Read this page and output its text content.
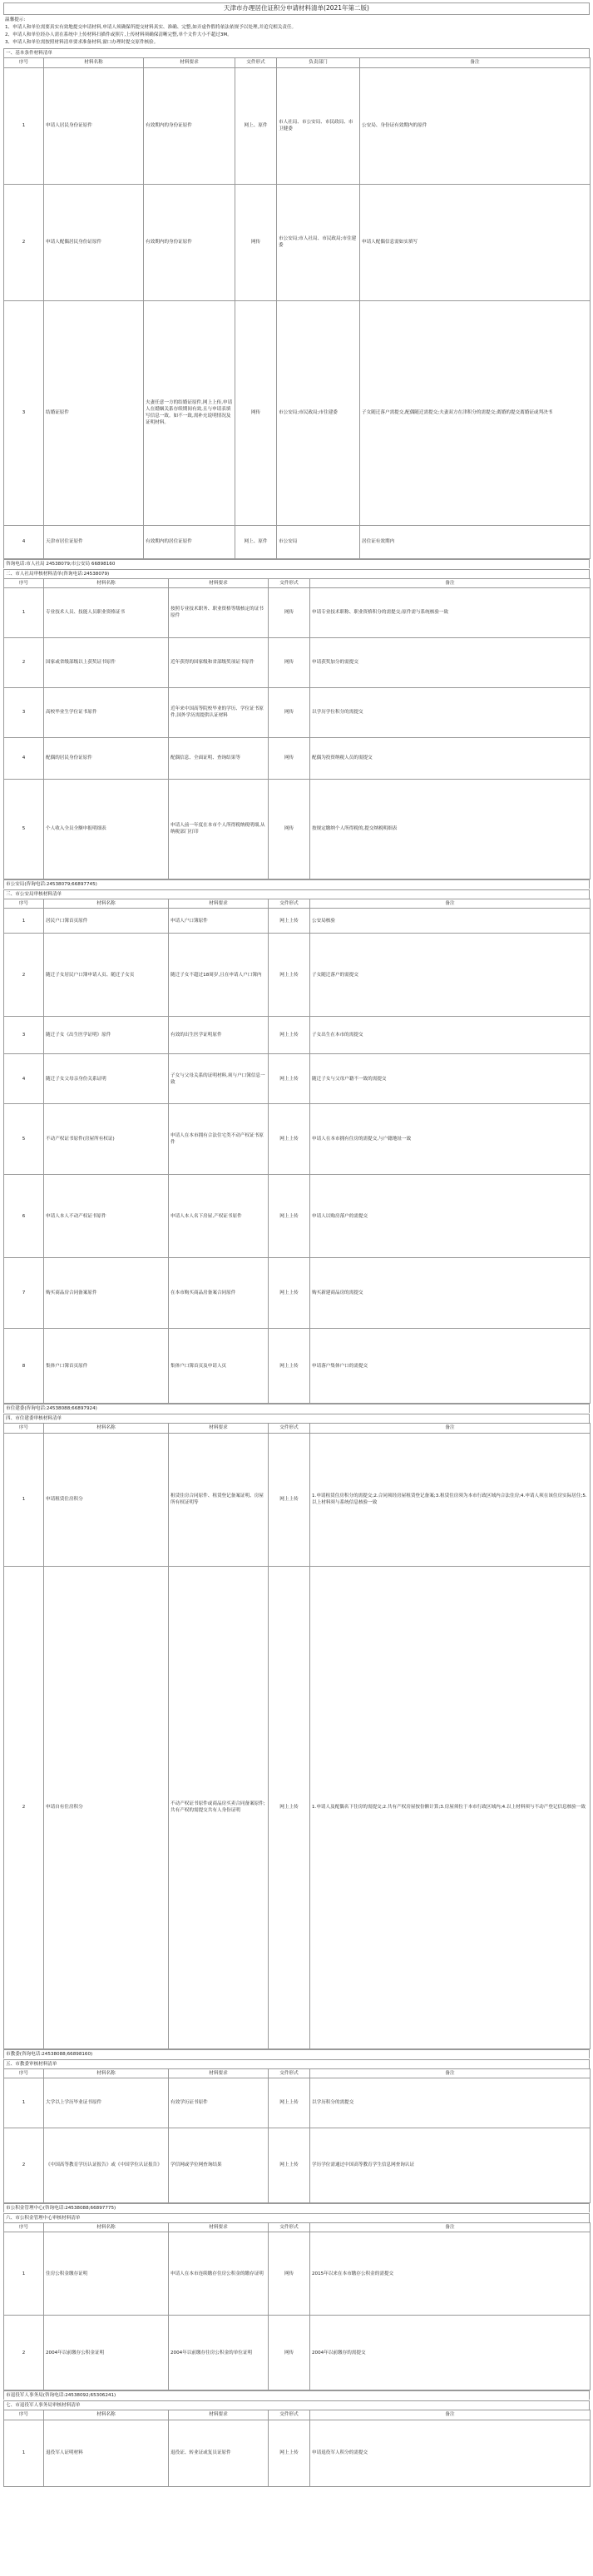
天津市办理居住证积分申请材料清单(2021年第二版)

温馨提示:

1、申请人和单位需要真实有效地提交申请材料,申请人须确保所提交材料真实、准确、完整,如弄虚作假将依法依规予以处理,并追究相关责任。

2、申请人和单位经办人需在系统中上传材料扫描件或照片,上传材料须确保清晰完整,单个文件大小不超过3M。

3、申请人和单位需按照材料清单要求准备材料,窗口办理时提交原件核验。

一、基本条件材料清单
序号	材料名称	材料要求	交件形式	负责部门	备注
1	申请人居民身份证原件	有效期内的身份证原件	网上、原件	市人社局、市公安局、市民政局、市卫健委	公安局、身份证有效期内的原件
2	申请人配偶居民身份证原件	有效期内的身份证原件	网传	市公安局;市人社局、市民政局;市住建委	申请人配偶信息需如实填写
3	结婚证原件	夫妻任意一方的结婚证原件,网上上传,申请人在婚姻关系存续期间有效,且与申请表填写信息一致。如不一致,需补充说明情况及证明材料。	网传	市公安局;市民政局;市住建委	子女随迁落户需提交,配偶随迁需提交;夫妻双方在津积分的需提交;离婚的提交离婚证或判决书
4	天津市居住证原件	有效期内的居住证原件	网上、原件	市公安局	居住证有效期内
咨询电话:市人社局 24538079;市公安局 66898160
二、市人社局审核材料清单(咨询电话:24538079)
序号	材料名称	材料要求	交件形式	备注
1	专业技术人员、技能人员职业资格证书	按照专业技术职务、职业资格等级核定的证书原件	网传	申请专业技术职称、职业资格积分的需提交;原件需与系统核验一致
2	国家或省级部级以上获奖证书原件	近年获得的国家级和省部级奖项证书原件	网传	申请获奖加分的需提交
3	高校毕业生学位证书原件	近年来中国高等院校毕业的学历、学位证书原件,国外学历需提供认证材料	网传	以学历学位积分的需提交
4	配偶的居民身份证原件	配偶信息、全面证明、查询结果等	网传	配偶为投资纳税人员的需提交
5	个人收入全员全额申报明细表	申请人前一年度在本市个人所得税纳税明细,从纳税部门打印	网传	按规定缴纳个人所得税的,提交纳税明细表
市公安局(咨询电话:24538079;66897745)
三、市公安局审核材料清单
序号	材料名称	材料要求	交件形式	备注
1	居民户口簿首页原件	申请人户口簿原件	网上上传	公安局核验
2	随迁子女居民户口簿申请人页、随迁子女页	随迁子女不超过18周岁,且在申请人户口簿内	网上上传	子女随迁落户的需提交
3	随迁子女《出生医学证明》原件	有效的出生医学证明原件	网上上传	子女出生在本市的需提交
4	随迁子女父母亲身份关系证明	子女与父母关系的证明材料,须与户口簿信息一致	网上上传	随迁子女与父母户籍不一致的需提交
5	不动产权证书原件(房屋所有权证)	申请人在本市拥有合法住宅类不动产权证书原件	网上上传	申请人在本市拥有住房的需提交,与户籍地址一致
6	申请人本人不动产权证书原件	申请人本人名下房屋,产权证书原件	网上上传	申请人以购房落户的需提交
7	购买商品房合同备案原件	在本市购买商品房备案合同原件	网上上传	购买新建商品房的需提交
8	集体户口簿首页原件	集体户口簿首页及申请人页	网上上传	申请落户集体户口的需提交
市住建委(咨询电话:24538088;66897924)
四、市住建委审核材料清单
序号	材料名称	材料要求	交件形式	备注
1	申请租赁住房积分	租赁住房合同原件、租赁登记备案证明、房屋所有权证明等	网上上传	1.申请租赁住房积分的需提交;2.合同须经房屋租赁登记备案;3.租赁住房须为本市行政区域内合法住房;4.申请人须在该住房实际居住;5.以上材料须与系统信息核验一致
2	申请自有住房积分	不动产权证书原件或商品房买卖合同备案原件;共有产权的需提交共有人身份证明	网上上传	1.申请人及配偶名下住房的需提交;2.共有产权房屋按份额计算;3.房屋须位于本市行政区域内;4.以上材料须与不动产登记信息核验一致
市教委(咨询电话:24538088;66898160)
五、市教委审核材料清单
序号	材料名称	材料要求	交件形式	备注
1	大学以上学历毕业证书原件	有效学历证书原件	网上上传	以学历积分的需提交
2	《中国高等教育学历认证报告》或《中国学位认证报告》	学信网或学位网查询结果	网上上传	学历学位需通过中国高等教育学生信息网查询认证
市公积金管理中心(咨询电话:24538088;66897775)
六、市公积金管理中心审核材料清单
序号	材料名称	材料要求	交件形式	备注
1	住房公积金缴存证明	申请人在本市连续缴存住房公积金的缴存证明	网传	2015年以来在本市缴存公积金的需提交
2	2004年以前缴存公积金证明	2004年以前缴存住房公积金的单位证明	网传	2004年以前缴存的需提交
市退役军人事务局(咨询电话:24538092;65306241)
七、市退役军人事务局审核材料清单
序号	材料名称	材料要求	交件形式	备注
1	退役军人证明材料	退役证、转业证或复员证原件	网上上传	申请退役军人积分的需提交
